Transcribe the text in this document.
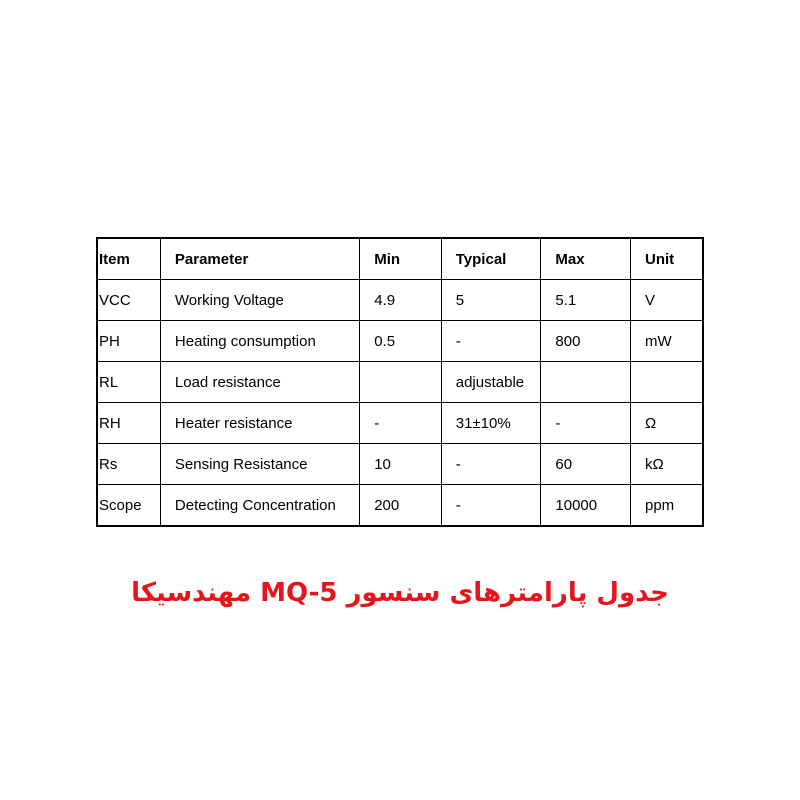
Item	Parameter	Min	Typical	Max	Unit
VCC	Working Voltage	4.9	5	5.1	V
PH	Heating consumption	0.5	-	800	mW
RL	Load resistance		adjustable		
RH	Heater resistance	-	31±10%	-	Ω
Rs	Sensing Resistance	10	-	60	kΩ
Scope	Detecting Concentration	200	-	10000	ppm
جدول پارامترهای سنسور MQ-5 مهندسیکا
